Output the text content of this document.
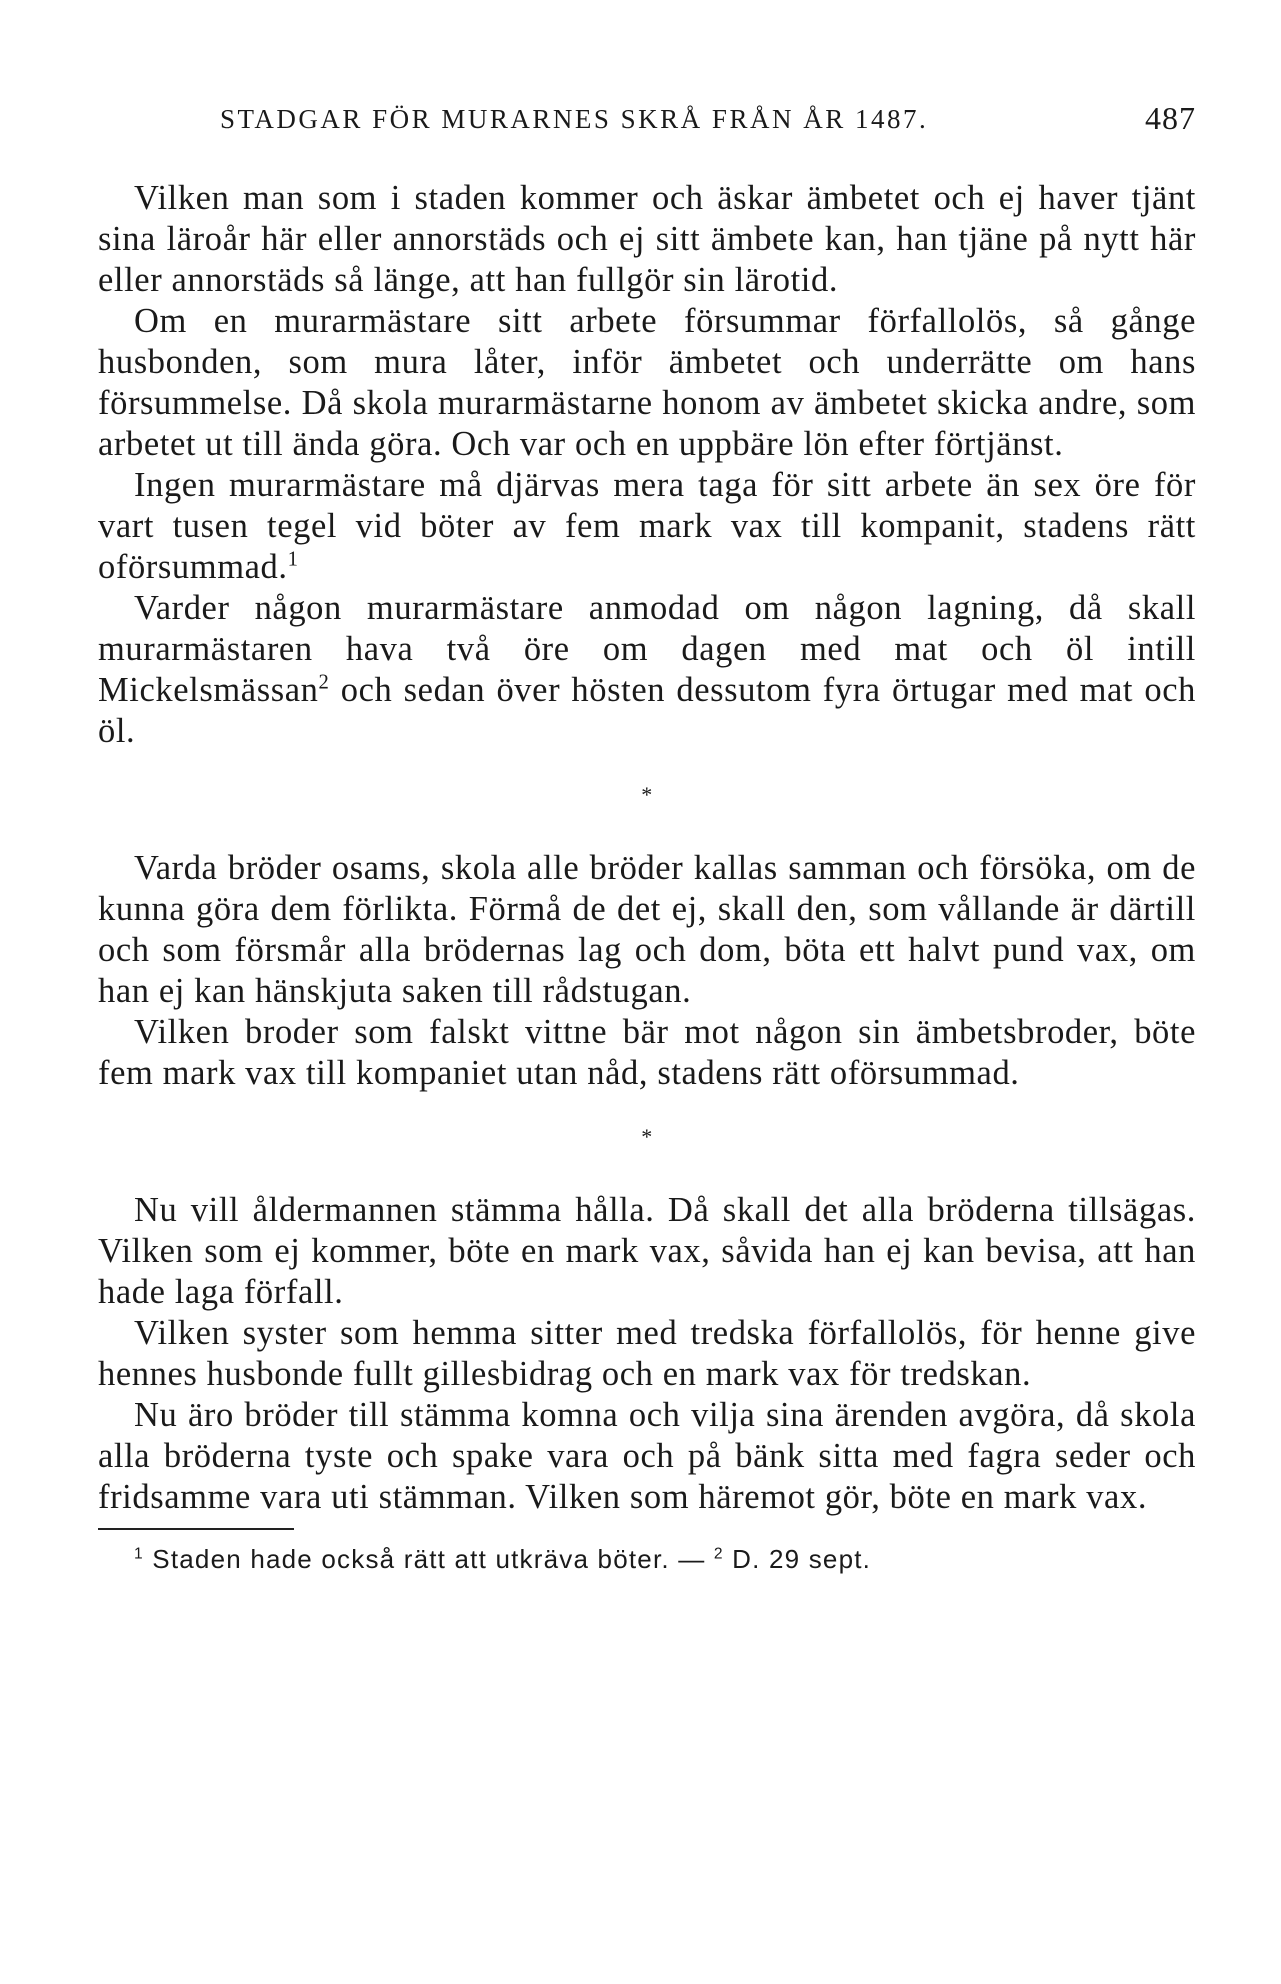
STADGAR FÖR MURARNES SKRÅ FRÅN ÅR 1487.	487

Vilken man som i staden kommer och äskar ämbetet och ej haver tjänt sina läroår här eller annorstäds och ej sitt ämbete kan, han tjäne på nytt här eller annorstäds så länge, att han fullgör sin lärotid.

Om en murarmästare sitt arbete försummar förfallolös, så gånge husbonden, som mura låter, inför ämbetet och underrätte om hans försummelse. Då skola murarmästarne honom av ämbetet skicka andre, som arbetet ut till ända göra. Och var och en uppbäre lön efter förtjänst.

Ingen murarmästare må djärvas mera taga för sitt arbete än sex öre för vart tusen tegel vid böter av fem mark vax till kompanit, stadens rätt oförsummad.$^1$

Varder någon murarmästare anmodad om någon lagning, då skall murarmästaren hava två öre om dagen med mat och öl intill Mickelsmässan$^2$ och sedan över hösten dessutom fyra örtugar med mat och öl.

*

Varda bröder osams, skola alle bröder kallas samman och försöka, om de kunna göra dem förlikta. Förmå de det ej, skall den, som vållande är därtill och som försmår alla brödernas lag och dom, böta ett halvt pund vax, om han ej kan hänskjuta saken till rådstugan.

Vilken broder som falskt vittne bär mot någon sin ämbetsbroder, böte fem mark vax till kompaniet utan nåd, stadens rätt oförsummad.

*

Nu vill åldermannen stämma hålla. Då skall det alla bröderna tillsägas. Vilken som ej kommer, böte en mark vax, såvida han ej kan bevisa, att han hade laga förfall.

Vilken syster som hemma sitter med tredska förfallolös, för henne give hennes husbonde fullt gillesbidrag och en mark vax för tredskan.

Nu äro bröder till stämma komna och vilja sina ärenden avgöra, då skola alla bröderna tyste och spake vara och på bänk sitta med fagra seder och fridsamme vara uti stämman. Vilken som häremot gör, böte en mark vax.

$^1$ Staden hade också rätt att utkräva böter. — $^2$ D. 29 sept.
